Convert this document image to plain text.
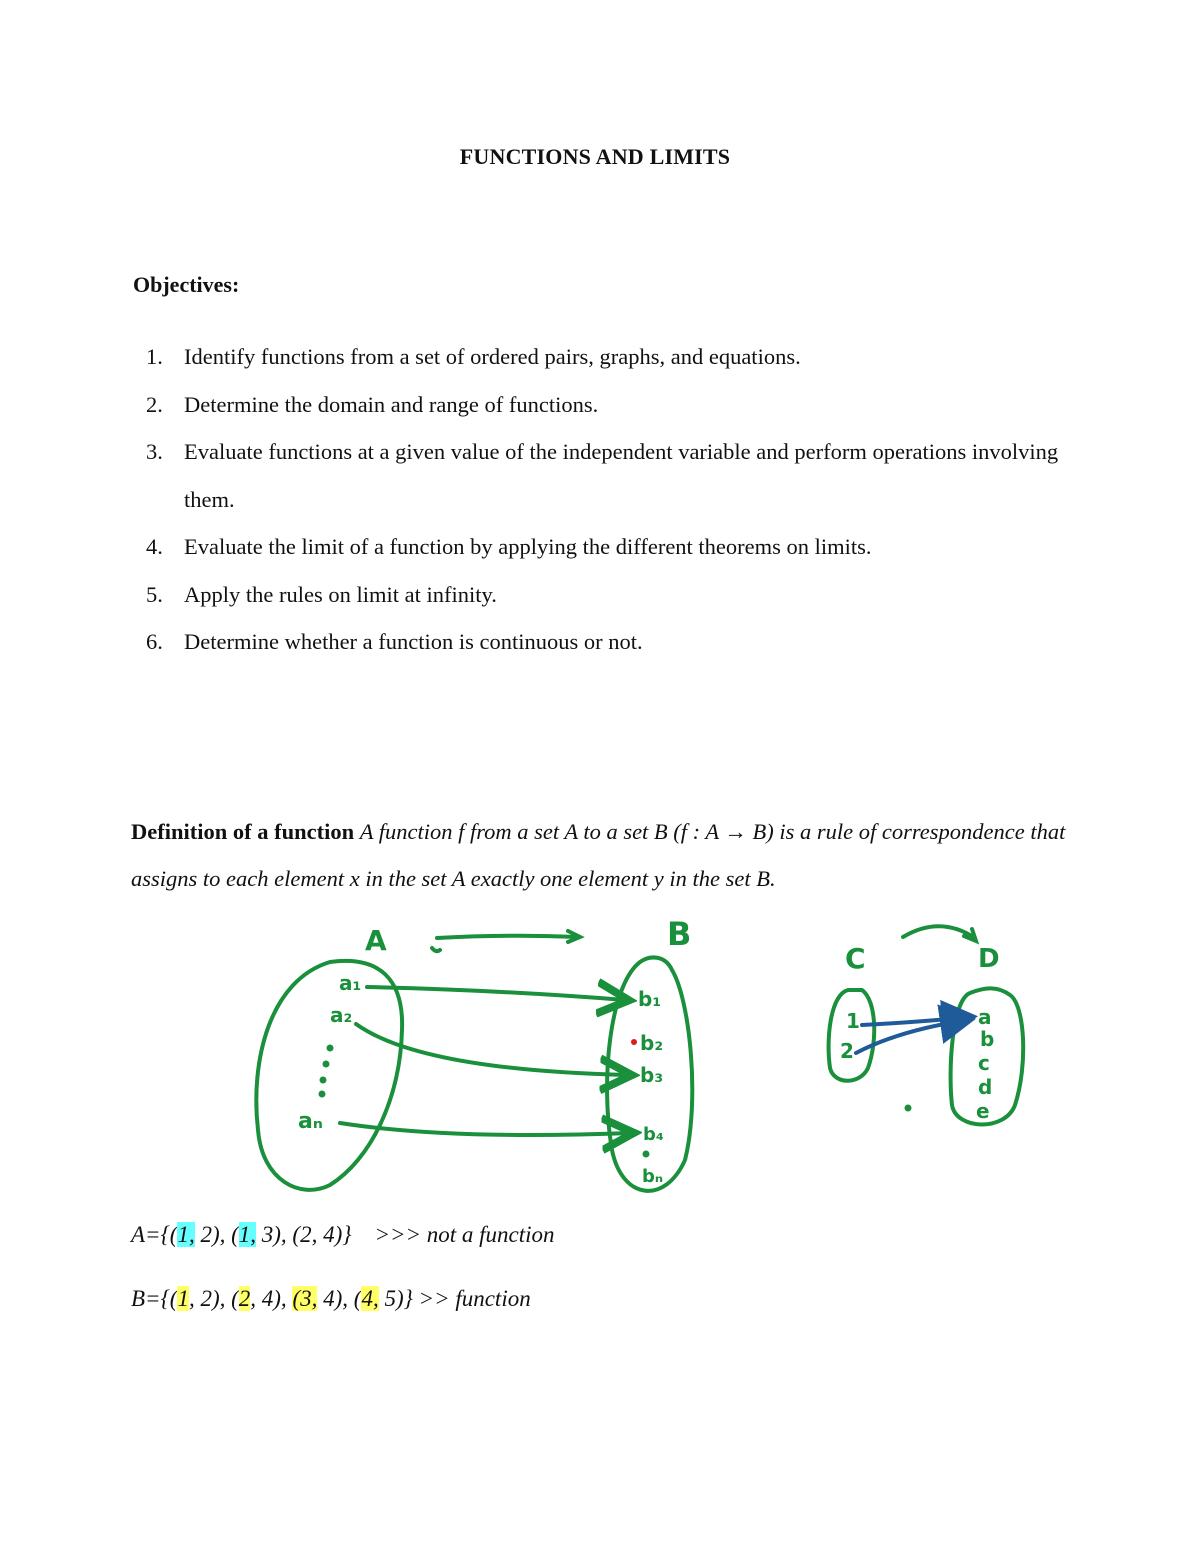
FUNCTIONS AND LIMITS
Objectives:
1. Identify functions from a set of ordered pairs, graphs, and equations.
2. Determine the domain and range of functions.
3. Evaluate functions at a given value of the independent variable and perform operations involving them.
4. Evaluate the limit of a function by applying the different theorems on limits.
5. Apply the rules on limit at infinity.
6. Determine whether a function is continuous or not.
Definition of a function A function f from a set A to a set B (f : A → B) is a rule of correspondence that assigns to each element x in the set A exactly one element y in the set B.
A	B
a₁
a₂
aₙ
b₁
b₂
b₃
b₄
bₙ
C	D
1
2
a
b
c
d
e
A={(1, 2), (1, 3), (2, 4)}    >>> not a function
B={(1, 2), (2, 4), (3, 4), (4, 5)} >> function
